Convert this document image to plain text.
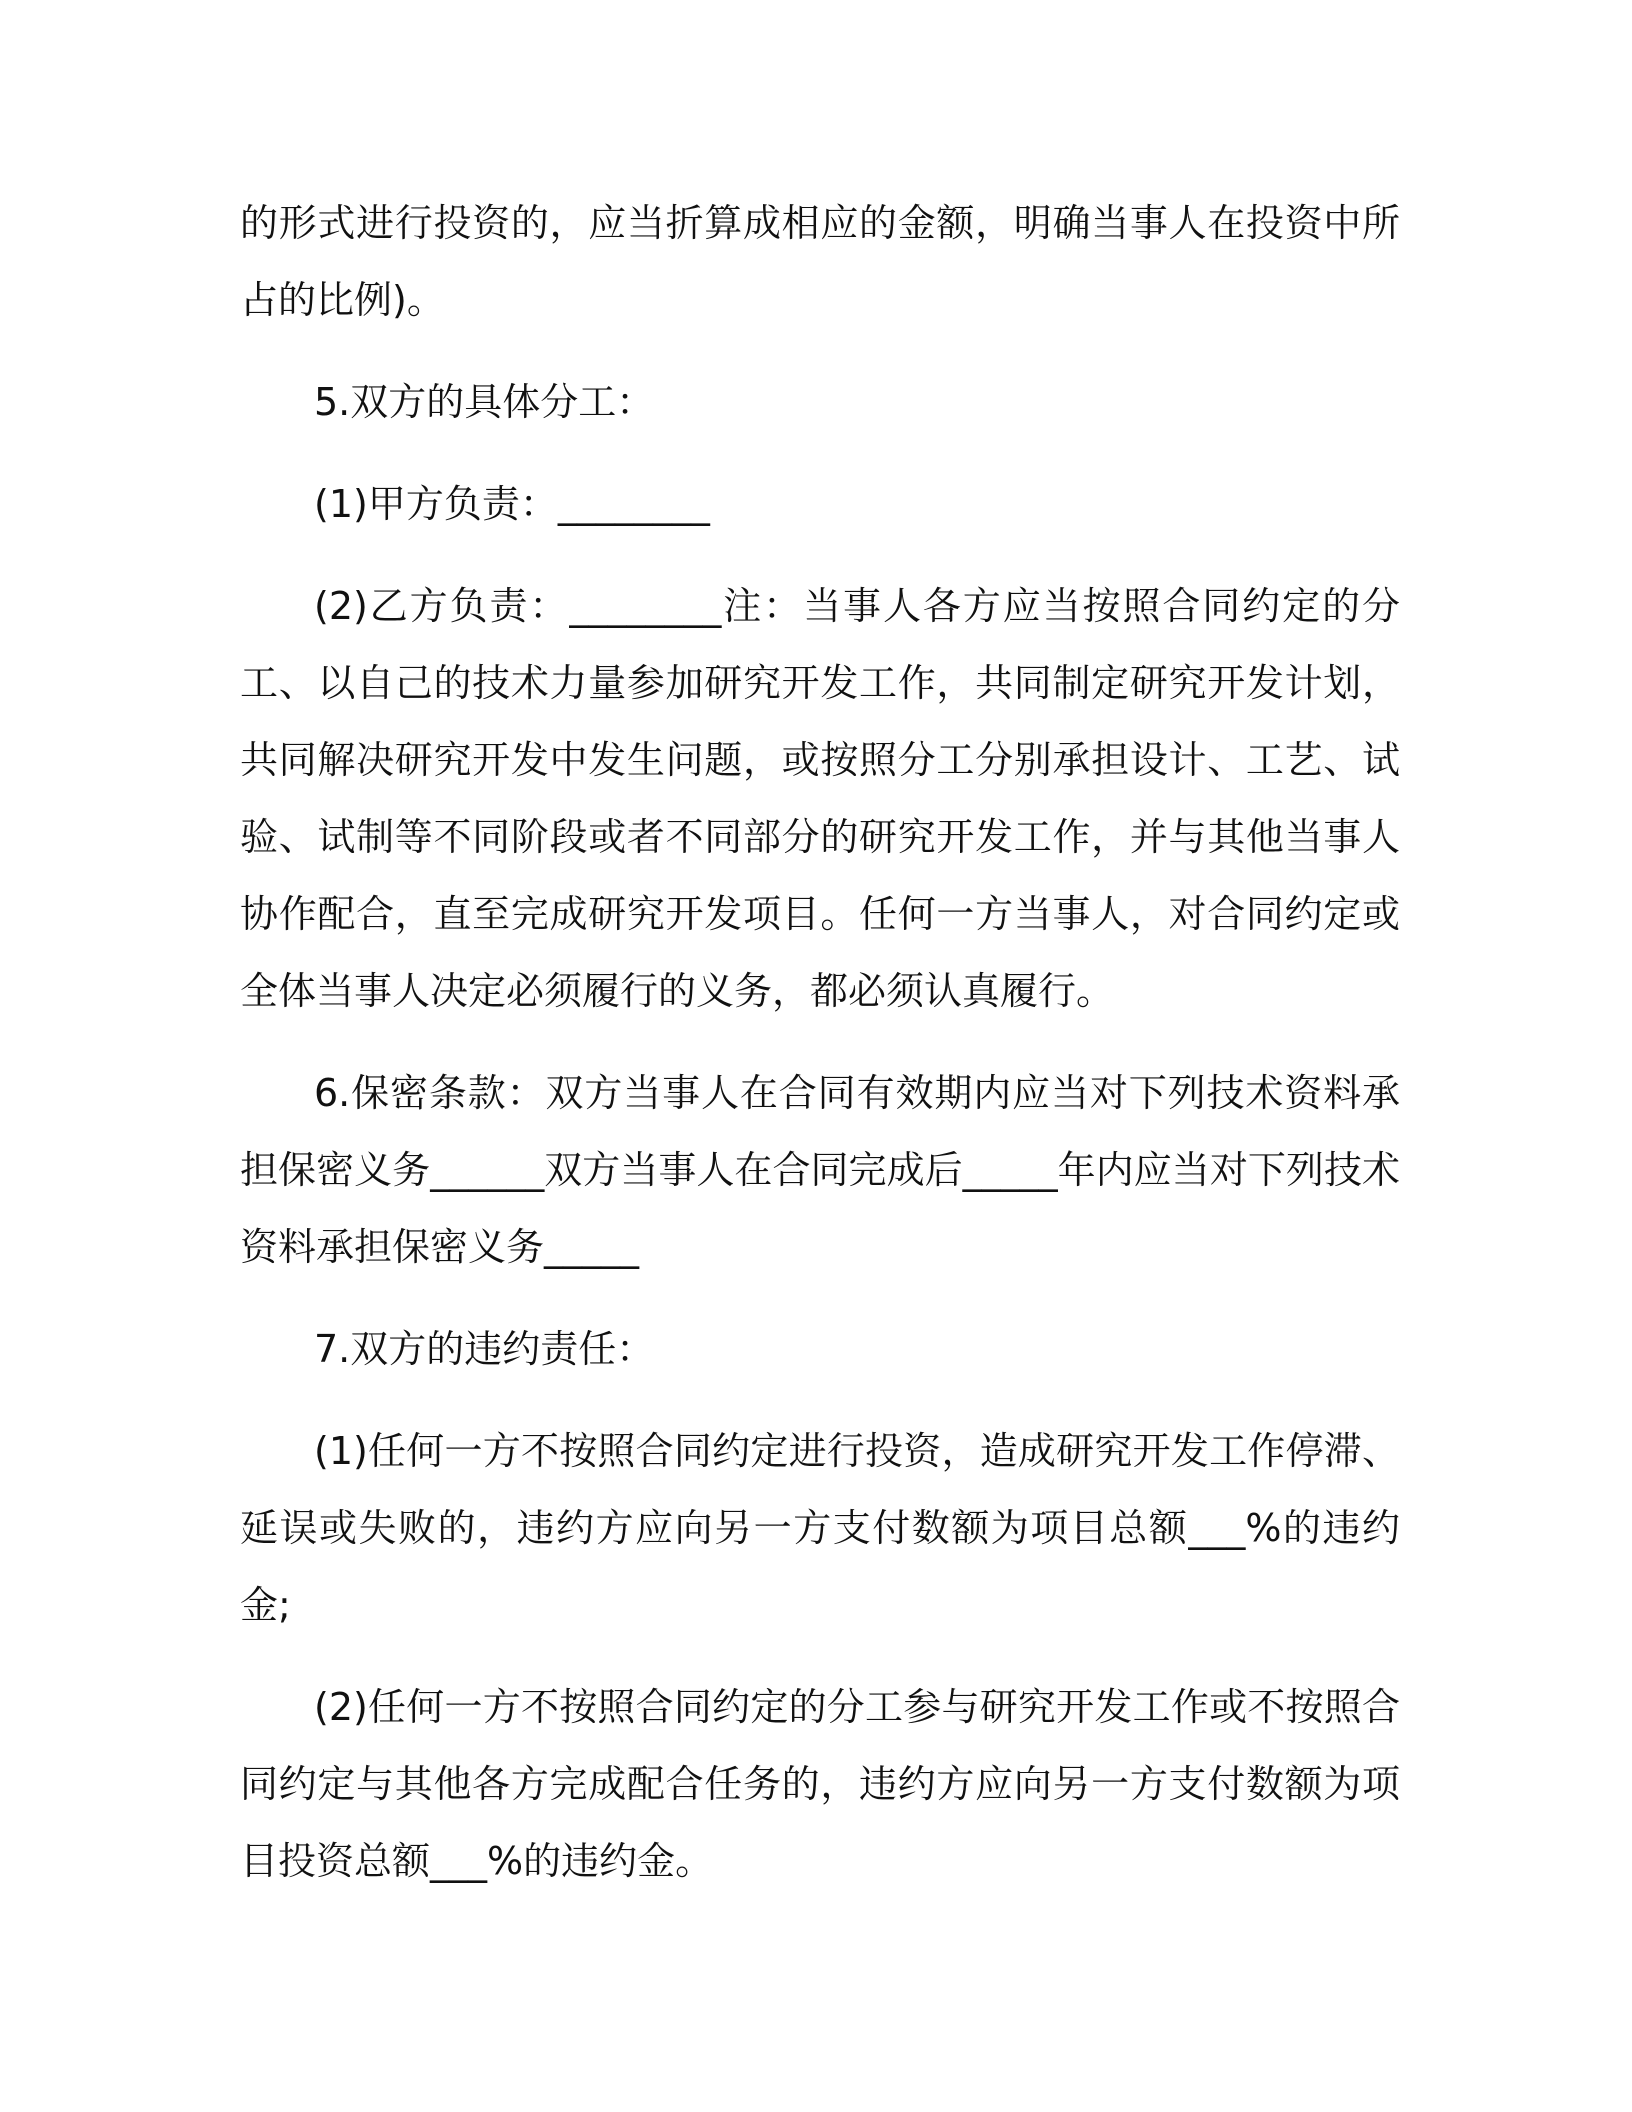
的形式进行投资的，应当折算成相应的金额，明确当事人在投资中所占的比例)。

5.双方的具体分工：

(1)甲方负责：________

(2)乙方负责：________注：当事人各方应当按照合同约定的分工、以自己的技术力量参加研究开发工作，共同制定研究开发计划，共同解决研究开发中发生问题，或按照分工分别承担设计、工艺、试验、试制等不同阶段或者不同部分的研究开发工作，并与其他当事人协作配合，直至完成研究开发项目。任何一方当事人，对合同约定或全体当事人决定必须履行的义务，都必须认真履行。

6.保密条款：双方当事人在合同有效期内应当对下列技术资料承担保密义务______双方当事人在合同完成后_____年内应当对下列技术资料承担保密义务_____

7.双方的违约责任：

(1)任何一方不按照合同约定进行投资，造成研究开发工作停滞、延误或失败的，违约方应向另一方支付数额为项目总额___%的违约金;

(2)任何一方不按照合同约定的分工参与研究开发工作或不按照合同约定与其他各方完成配合任务的，违约方应向另一方支付数额为项目投资总额___%的违约金。
